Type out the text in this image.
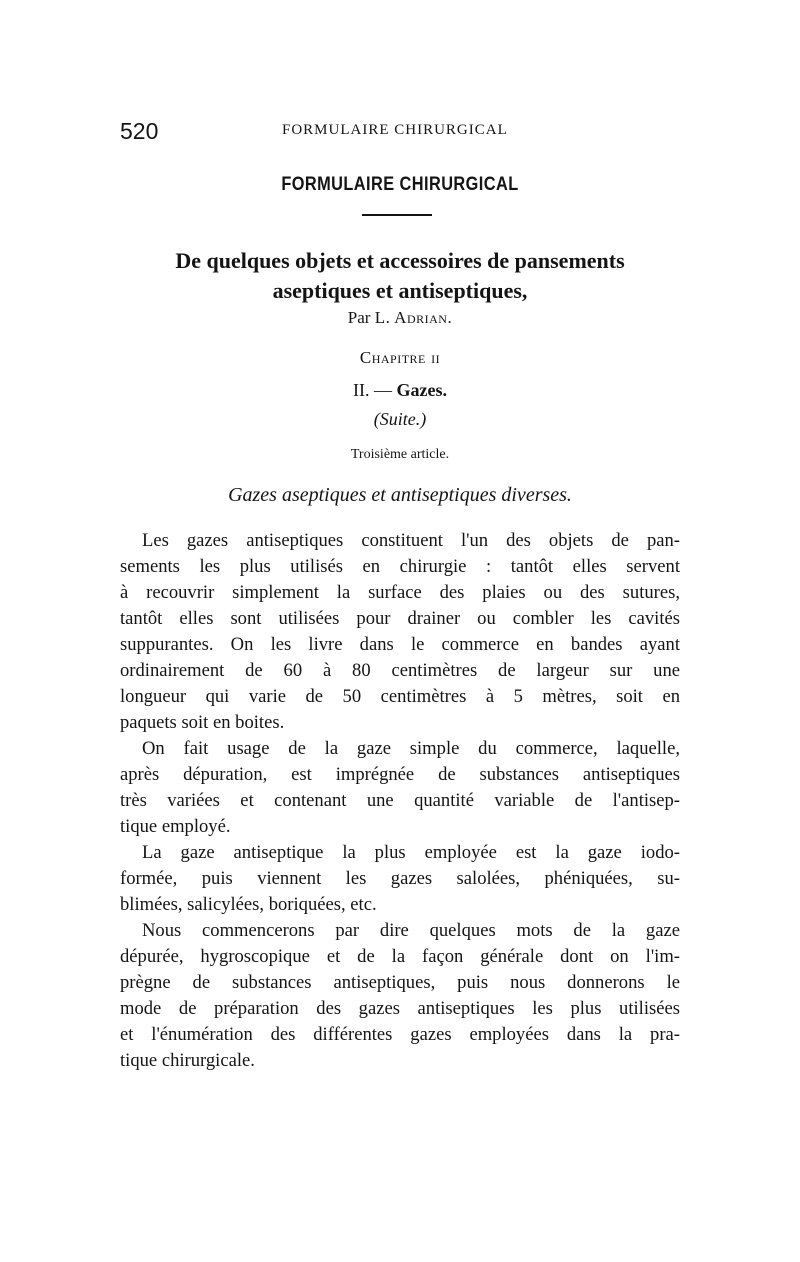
520	FORMULAIRE CHIRURGICAL
FORMULAIRE CHIRURGICAL
De quelques objets et accessoires de pansements
aseptiques et antiseptiques,
Par L. Adrian.
Chapitre ii
II. — Gazes.
(Suite.)
Troisième article.
Gazes aseptiques et antiseptiques diverses.
Les gazes antiseptiques constituent l'un des objets de pan-
sements les plus utilisés en chirurgie : tantôt elles servent
à recouvrir simplement la surface des plaies ou des sutures,
tantôt elles sont utilisées pour drainer ou combler les cavités
suppurantes. On les livre dans le commerce en bandes ayant
ordinairement de 60 à 80 centimètres de largeur sur une
longueur qui varie de 50 centimètres à 5 mètres, soit en
paquets soit en boites.
On fait usage de la gaze simple du commerce, laquelle,
après dépuration, est imprégnée de substances antiseptiques
très variées et contenant une quantité variable de l'antisep-
tique employé.
La gaze antiseptique la plus employée est la gaze iodo-
formée, puis viennent les gazes salolées, phéniquées, su-
blimées, salicylées, boriquées, etc.
Nous commencerons par dire quelques mots de la gaze
dépurée, hygroscopique et de la façon générale dont on l'im-
prègne de substances antiseptiques, puis nous donnerons le
mode de préparation des gazes antiseptiques les plus utilisées
et l'énumération des différentes gazes employées dans la pra-
tique chirurgicale.
